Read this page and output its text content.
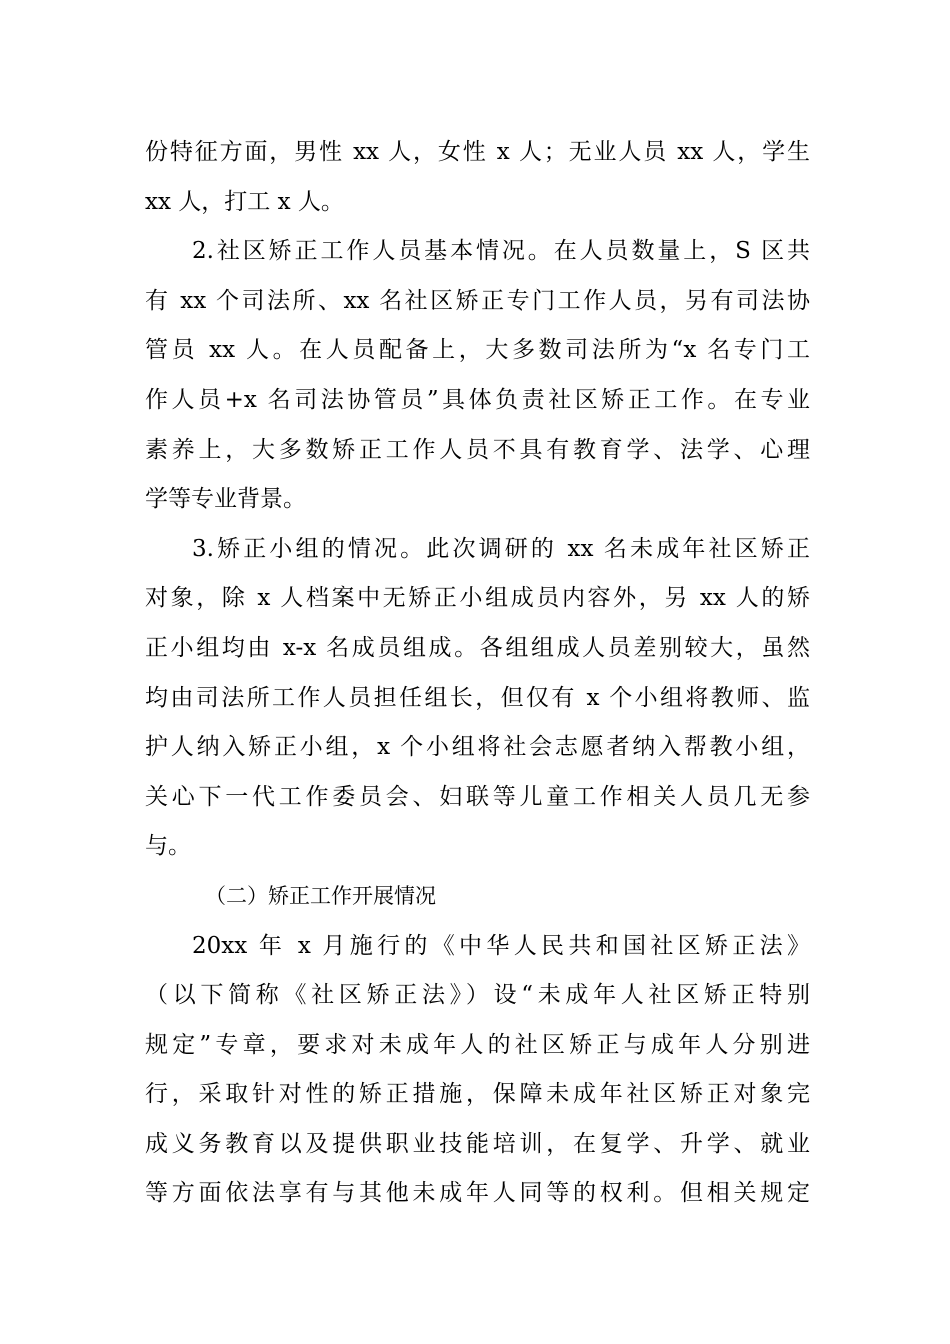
份特征方面，男性 xx 人，女性 x 人；无业人员 xx 人，学生
xx 人，打工 x 人。
2.社区矫正工作人员基本情况。在人员数量上，S 区共
有 xx 个司法所、xx 名社区矫正专门工作人员，另有司法协
管员 xx 人。在人员配备上，大多数司法所为“x 名专门工
作人员+x 名司法协管员”具体负责社区矫正工作。在专业
素养上，大多数矫正工作人员不具有教育学、法学、心理
学等专业背景。
3.矫正小组的情况。此次调研的 xx 名未成年社区矫正
对象，除 x 人档案中无矫正小组成员内容外，另 xx 人的矫
正小组均由 x-x 名成员组成。各组组成人员差别较大，虽然
均由司法所工作人员担任组长，但仅有 x 个小组将教师、监
护人纳入矫正小组，x 个小组将社会志愿者纳入帮教小组，
关心下一代工作委员会、妇联等儿童工作相关人员几无参
与。
（二）矫正工作开展情况
20xx 年 x 月施行的《中华人民共和国社区矫正法》
（以下简称《社区矫正法》）设“未成年人社区矫正特别
规定”专章，要求对未成年人的社区矫正与成年人分别进
行，采取针对性的矫正措施，保障未成年社区矫正对象完
成义务教育以及提供职业技能培训，在复学、升学、就业
等方面依法享有与其他未成年人同等的权利。但相关规定
